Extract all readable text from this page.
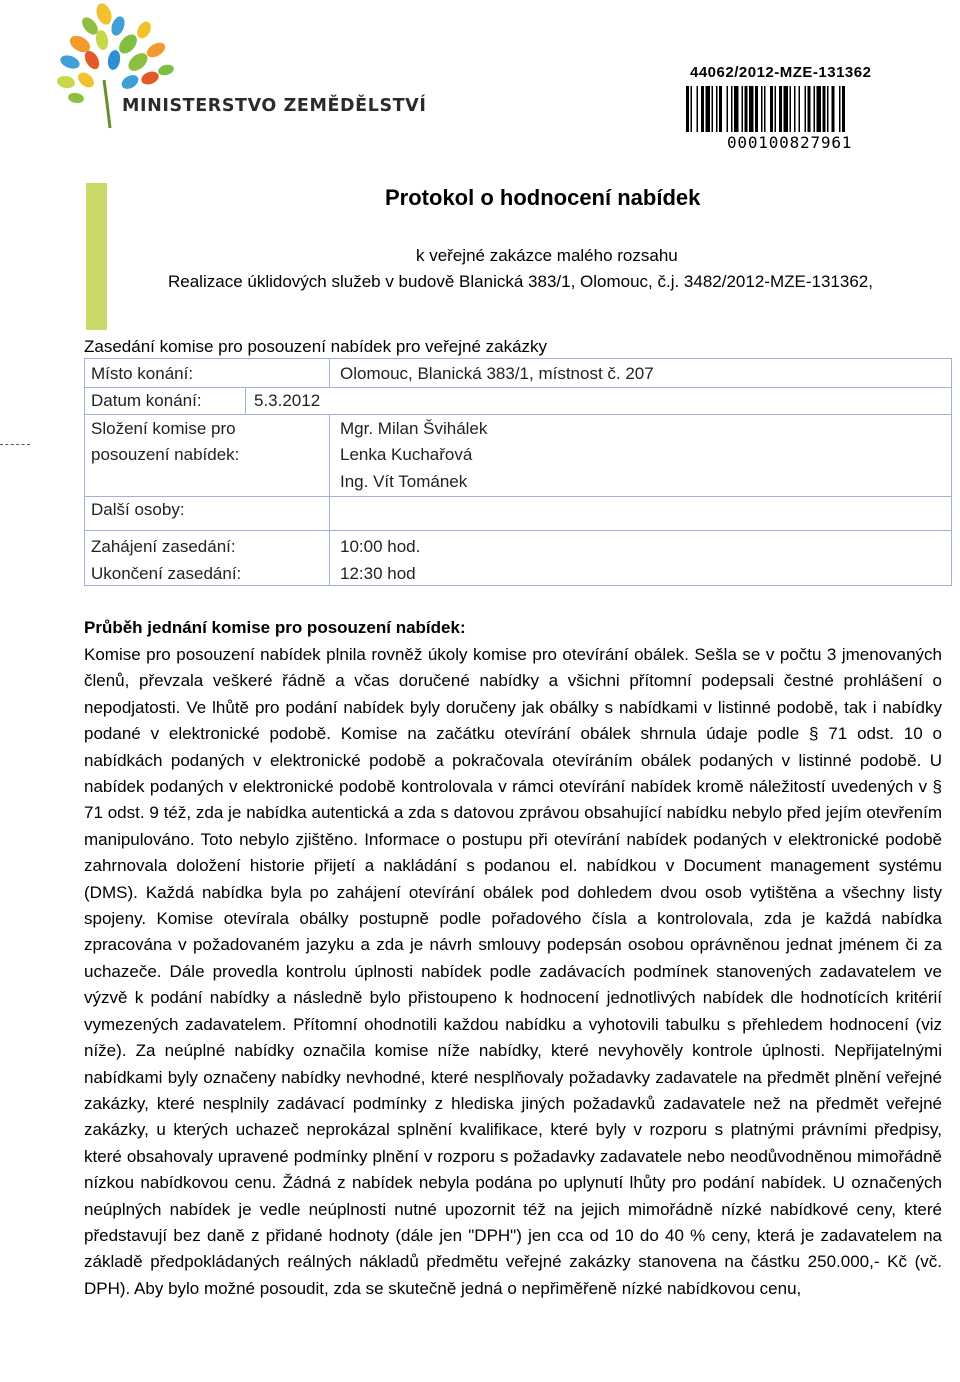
MINISTERSTVO ZEMĚDĚLSTVÍ
44062/2012-MZE-131362
000100827961
Protokol o hodnocení nabídek
k veřejné zakázce malého rozsahu
Realizace úklidových služeb v budově Blanická 383/1, Olomouc, č.j. 3482/2012-MZE-131362,
Zasedání komise pro posouzení nabídek pro veřejné zakázky
Místo konání:	Olomouc, Blanická 383/1, místnost č. 207
Datum konání:	5.3.2012
Složení komise pro
posouzení nabídek:
Mgr. Milan Švihálek
Lenka Kuchařová
Ing. Vít Tománek
Další osoby:
Zahájení zasedání:	10:00 hod.
Ukončení zasedání:	12:30 hod
Průběh jednání komise pro posouzení nabídek:
Komise pro posouzení nabídek plnila rovněž úkoly komise pro otevírání obálek. Sešla se v počtu 3 jmenovaných členů, převzala veškeré řádně a včas doručené nabídky a všichni přítomní podepsali čestné prohlášení o nepodjatosti. Ve lhůtě pro podání nabídek byly doručeny jak obálky s nabídkami v listinné podobě, tak i nabídky podané v elektronické podobě. Komise na začátku otevírání obálek shrnula údaje podle § 71 odst. 10 o nabídkách podaných v elektronické podobě a pokračovala otevíráním obálek podaných v listinné podobě. U nabídek podaných v elektronické podobě kontrolovala v rámci otevírání nabídek kromě náležitostí uvedených v § 71 odst. 9 též, zda je nabídka autentická a zda s datovou zprávou obsahující nabídku nebylo před jejím otevřením manipulováno. Toto nebylo zjištěno. Informace o postupu při otevírání nabídek podaných v elektronické podobě zahrnovala doložení historie přijetí a nakládání s podanou el. nabídkou v Document management systému (DMS). Každá nabídka byla po zahájení otevírání obálek pod dohledem dvou osob vytištěna a všechny listy spojeny. Komise otevírala obálky postupně podle pořadového čísla a kontrolovala, zda je každá nabídka zpracována v požadovaném jazyku a zda je návrh smlouvy podepsán osobou oprávněnou jednat jménem či za uchazeče. Dále provedla kontrolu úplnosti nabídek podle zadávacích podmínek stanovených zadavatelem ve výzvě k podání nabídky a následně bylo přistoupeno k hodnocení jednotlivých nabídek dle hodnotících kritérií vymezených zadavatelem. Přítomní ohodnotili každou nabídku a vyhotovili tabulku s přehledem hodnocení (viz níže). Za neúplné nabídky označila komise níže nabídky, které nevyhověly kontrole úplnosti. Nepřijatelnými nabídkami byly označeny nabídky nevhodné, které nesplňovaly požadavky zadavatele na předmět plnění veřejné zakázky, které nesplnily zadávací podmínky z hlediska jiných požadavků zadavatele než na předmět veřejné zakázky, u kterých uchazeč neprokázal splnění kvalifikace, které byly v rozporu s platnými právními předpisy, které obsahovaly upravené podmínky plnění v rozporu s požadavky zadavatele nebo neodůvodněnou mimořádně nízkou nabídkovou cenu. Žádná z nabídek nebyla podána po uplynutí lhůty pro podání nabídek. U označených neúplných nabídek je vedle neúplnosti nutné upozornit též na jejich mimořádně nízké nabídkové ceny, které představují bez daně z přidané hodnoty (dále jen "DPH") jen cca od 10 do 40 % ceny, která je zadavatelem na základě předpokládaných reálných nákladů předmětu veřejné zakázky stanovena na částku 250.000,- Kč (vč. DPH). Aby bylo možné posoudit, zda se skutečně jedná o nepřiměřeně nízké nabídkovou cenu,
